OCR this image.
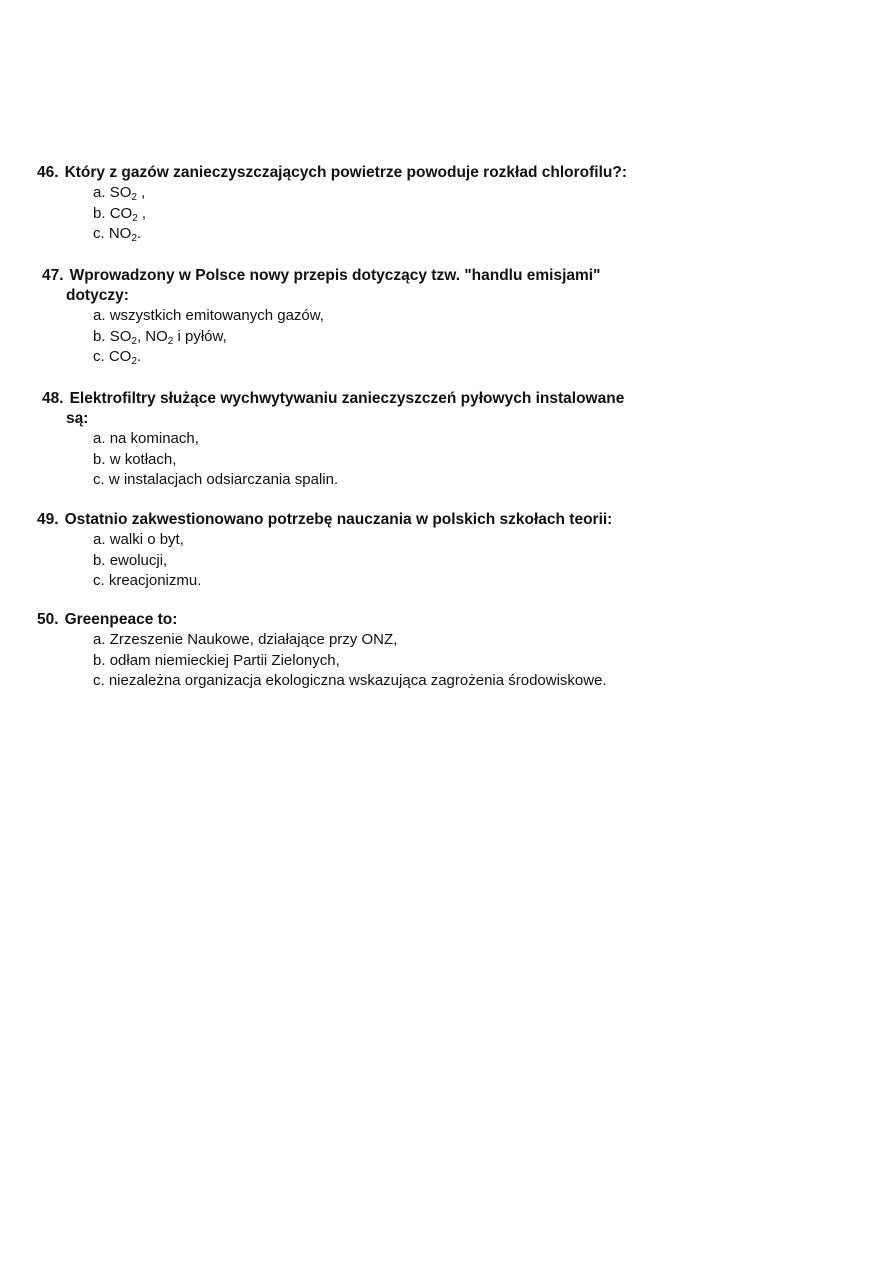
46. Który z gazów zanieczyszczających powietrze powoduje rozkład chlorofilu?:
a. $SO_2$ ,
b. $CO_2$ ,
c. $NO_2$.
47. Wprowadzony w Polsce nowy przepis dotyczący tzw. "handlu emisjami"
dotyczy:
a. wszystkich emitowanych gazów,
b. $SO_2$, $NO_2$ i pyłów,
c. $CO_2$.
48. Elektrofiltry służące wychwytywaniu zanieczyszczeń pyłowych instalowane
są:
a. na kominach,
b. w kotłach,
c. w instalacjach odsiarczania spalin.
49. Ostatnio zakwestionowano potrzebę nauczania w polskich szkołach teorii:
a. walki o byt,
b. ewolucji,
c. kreacjonizmu.
50. Greenpeace to:
a. Zrzeszenie Naukowe, działające przy ONZ,
b. odłam niemieckiej Partii Zielonych,
c. niezależna organizacja ekologiczna wskazująca zagrożenia środowiskowe.
